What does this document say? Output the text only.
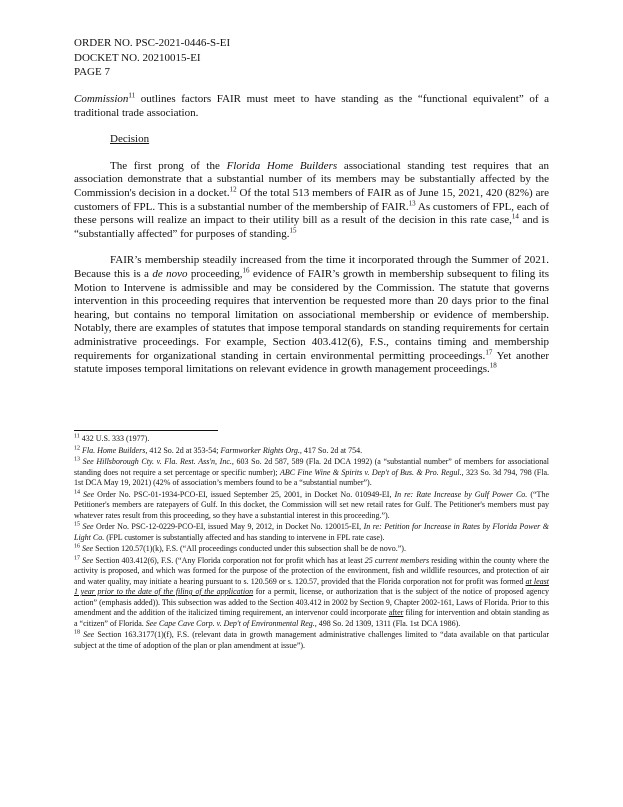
ORDER NO. PSC-2021-0446-S-EI
DOCKET NO. 20210015-EI
PAGE 7

Commission$^{11}$ outlines factors FAIR must meet to have standing as the “functional equivalent” of a traditional trade association.

Decision

The first prong of the Florida Home Builders associational standing test requires that an association demonstrate that a substantial number of its members may be substantially affected by the Commission's decision in a docket.$^{12}$ Of the total 513 members of FAIR as of June 15, 2021, 420 (82%) are customers of FPL. This is a substantial number of the membership of FAIR.$^{13}$ As customers of FPL, each of these persons will realize an impact to their utility bill as a result of the decision in this rate case,$^{14}$ and is “substantially affected” for purposes of standing.$^{15}$

FAIR’s membership steadily increased from the time it incorporated through the Summer of 2021. Because this is a de novo proceeding,$^{16}$ evidence of FAIR’s growth in membership subsequent to filing its Motion to Intervene is admissible and may be considered by the Commission. The statute that governs intervention in this proceeding requires that intervention be requested more than 20 days prior to the final hearing, but contains no temporal limitation on associational membership or evidence of membership. Notably, there are examples of statutes that impose temporal standards on standing requirements for certain administrative proceedings. For example, Section 403.412(6), F.S., contains timing and membership requirements for organizational standing in certain environmental permitting proceedings.$^{17}$ Yet another statute imposes temporal limitations on relevant evidence in growth management proceedings.$^{18}$

$^{11}$ 432 U.S. 333 (1977).
$^{12}$ Fla. Home Builders, 412 So. 2d at 353-54; Farmworker Rights Org., 417 So. 2d at 754.
$^{13}$ See Hillsborough Cty. v. Fla. Rest. Ass'n, Inc., 603 So. 2d 587, 589 (Fla. 2d DCA 1992) (a “substantial number” of members for associational standing does not require a set percentage or specific number); ABC Fine Wine & Spirits v. Dep't of Bus. & Pro. Regul., 323 So. 3d 794, 798 (Fla. 1st DCA May 19, 2021) (42% of association’s members found to be a “substantial number”).
$^{14}$ See Order No. PSC-01-1934-PCO-EI, issued September 25, 2001, in Docket No. 010949-EI, In re: Rate Increase by Gulf Power Co. (“The Petitioner's members are ratepayers of Gulf. In this docket, the Commission will set new retail rates for Gulf. The Petitioner's members must pay whatever rates result from this proceeding, so they have a substantial interest in this proceeding.”).
$^{15}$ See Order No. PSC-12-0229-PCO-EI, issued May 9, 2012, in Docket No. 120015-EI, In re: Petition for Increase in Rates by Florida Power & Light Co. (FPL customer is substantially affected and has standing to intervene in FPL rate case).
$^{16}$ See Section 120.57(1)(k), F.S. (“All proceedings conducted under this subsection shall be de novo.”).
$^{17}$ See Section 403.412(6), F.S. (“Any Florida corporation not for profit which has at least 25 current members residing within the county where the activity is proposed, and which was formed for the purpose of the protection of the environment, fish and wildlife resources, and protection of air and water quality, may initiate a hearing pursuant to s. 120.569 or s. 120.57, provided that the Florida corporation not for profit was formed at least 1 year prior to the date of the filing of the application for a permit, license, or authorization that is the subject of the notice of proposed agency action” (emphasis added)). This subsection was added to the Section 403.412 in 2002 by Section 9, Chapter 2002-161, Laws of Florida. Prior to this amendment and the addition of the italicized timing requirement, an intervenor could incorporate after filing for intervention and obtain standing as a “citizen” of Florida. See Cape Cave Corp. v. Dep't of Environmental Reg., 498 So. 2d 1309, 1311 (Fla. 1st DCA 1986).
$^{18}$ See Section 163.3177(1)(f), F.S. (relevant data in growth management administrative challenges limited to “data available on that particular subject at the time of adoption of the plan or plan amendment at issue”).
